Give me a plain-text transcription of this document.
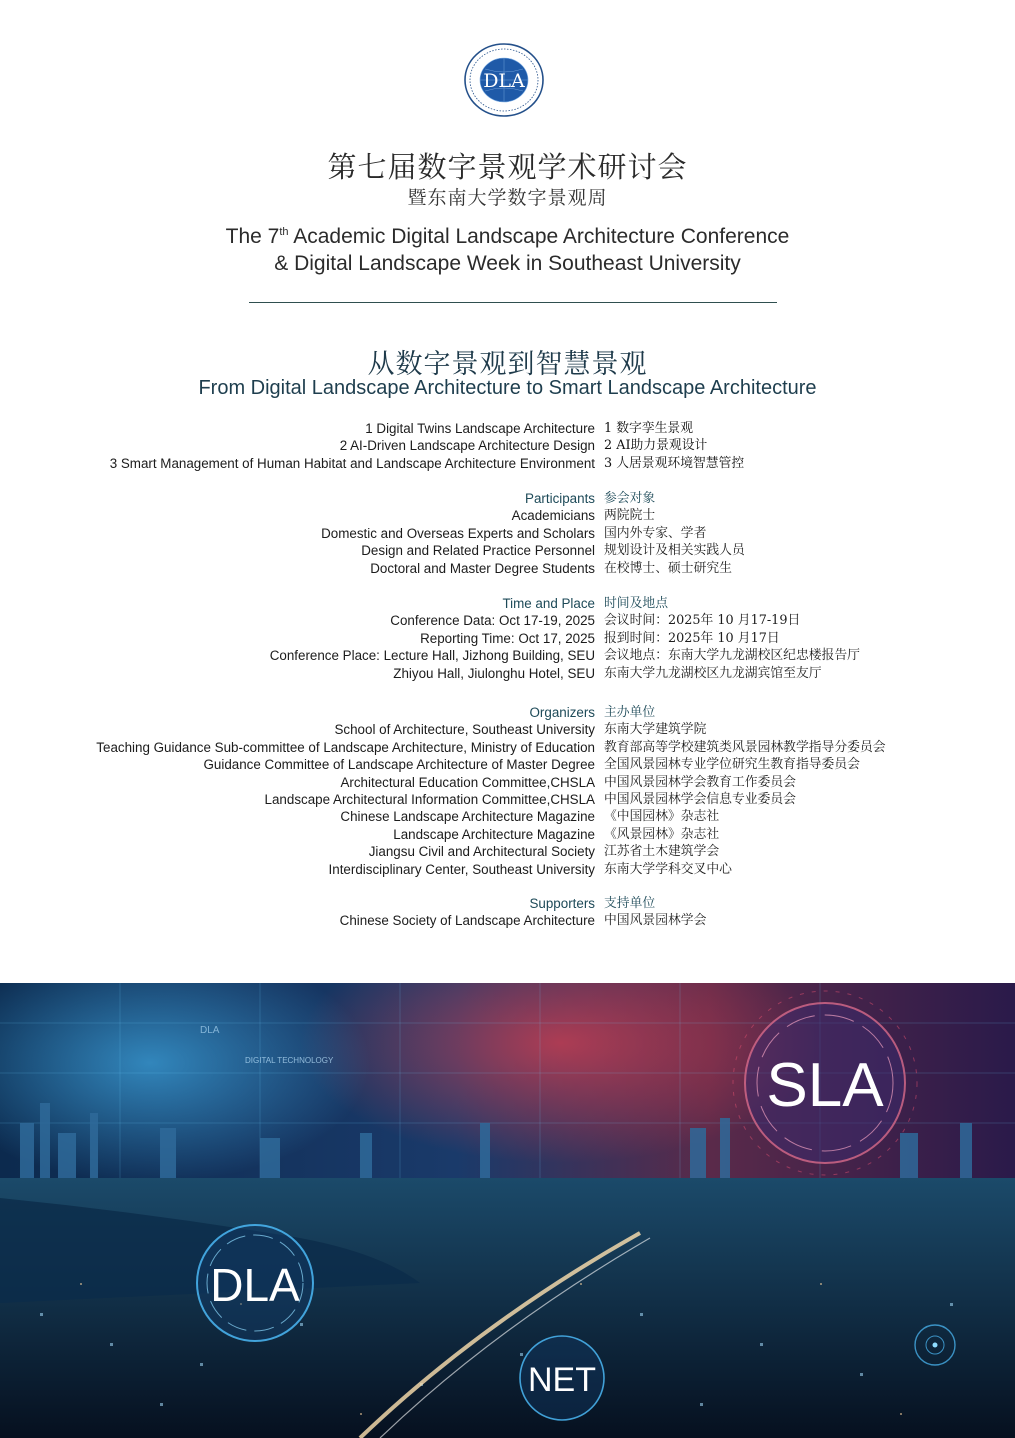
DLA
第七届数字景观学术研讨会
暨东南大学数字景观周
The 7th Academic Digital Landscape Architecture Conference
& Digital Landscape Week in Southeast University
从数字景观到智慧景观
From Digital Landscape Architecture to Smart Landscape Architecture
1 Digital Twins Landscape Architecture 1 数字孪生景观
2 AI-Driven Landscape Architecture Design 2 AI助力景观设计
3 Smart Management of Human Habitat and Landscape Architecture Environment 3 人居景观环境智慧管控
Participants 参会对象
Academicians 两院院士
Domestic and Overseas Experts and Scholars 国内外专家、学者
Design and Related Practice Personnel 规划设计及相关实践人员
Doctoral and Master Degree Students 在校博士、硕士研究生
Time and Place 时间及地点
Conference Data: Oct 17-19, 2025 会议时间：2025年 10 月17-19日
Reporting Time: Oct 17, 2025 报到时间：2025年 10 月17日
Conference Place: Lecture Hall, Jizhong Building, SEU 会议地点：东南大学九龙湖校区纪忠楼报告厅
Zhiyou Hall, Jiulonghu Hotel, SEU 东南大学九龙湖校区九龙湖宾馆至友厅
Organizers 主办单位
School of Architecture, Southeast University 东南大学建筑学院
Teaching Guidance Sub-committee of Landscape Architecture, Ministry of Education 教育部高等学校建筑类风景园林教学指导分委员会
Guidance Committee of Landscape Architecture of Master Degree 全国风景园林专业学位研究生教育指导委员会
Architectural Education Committee,CHSLA 中国风景园林学会教育工作委员会
Landscape Architectural Information Committee,CHSLA 中国风景园林学会信息专业委员会
Chinese Landscape Architecture Magazine 《中国园林》杂志社
Landscape Architecture Magazine 《风景园林》杂志社
Jiangsu Civil and Architectural Society 江苏省土木建筑学会
Interdisciplinary Center, Southeast University 东南大学学科交叉中心
Supporters 支持单位
Chinese Society of Landscape Architecture 中国风景园林学会
DIGITAL TECHNOLOGY
DLA
SLA
DLA
NET
